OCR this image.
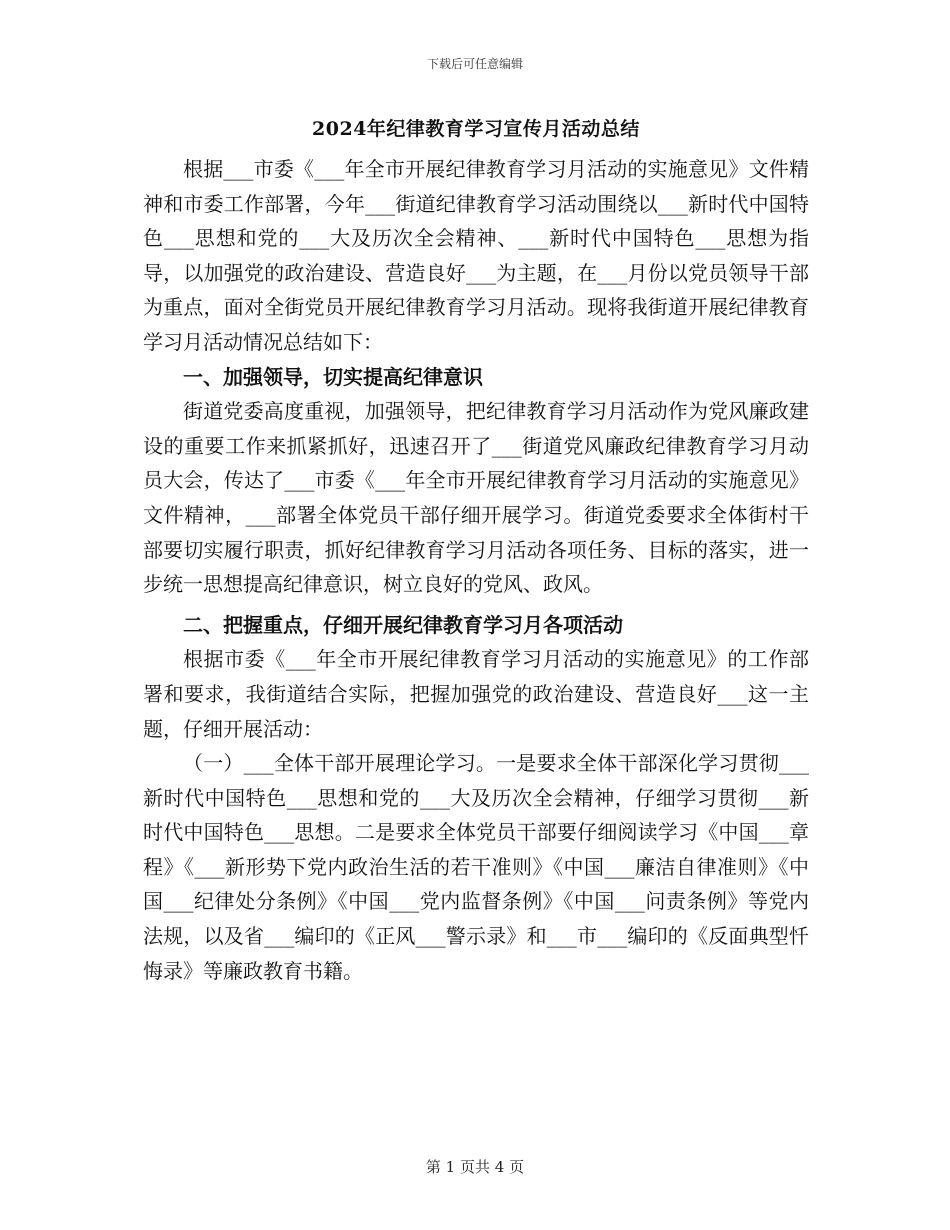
下载后可任意编辑
2024年纪律教育学习宣传月活动总结

根据___市委《___年全市开展纪律教育学习月活动的实施意见》文件精神和市委工作部署，今年___街道纪律教育学习活动围绕以___新时代中国特色___思想和党的___大及历次全会精神、___新时代中国特色___思想为指导，以加强党的政治建设、营造良好___为主题，在___月份以党员领导干部为重点，面对全街党员开展纪律教育学习月活动。现将我街道开展纪律教育学习月活动情况总结如下：

一、加强领导，切实提高纪律意识

街道党委高度重视，加强领导，把纪律教育学习月活动作为党风廉政建设的重要工作来抓紧抓好，迅速召开了___街道党风廉政纪律教育学习月动员大会，传达了___市委《___年全市开展纪律教育学习月活动的实施意见》文件精神，___部署全体党员干部仔细开展学习。街道党委要求全体街村干部要切实履行职责，抓好纪律教育学习月活动各项任务、目标的落实，进一步统一思想提高纪律意识，树立良好的党风、政风。

二、把握重点，仔细开展纪律教育学习月各项活动

根据市委《___年全市开展纪律教育学习月活动的实施意见》的工作部署和要求，我街道结合实际，把握加强党的政治建设、营造良好___这一主题，仔细开展活动：

（一）___全体干部开展理论学习。一是要求全体干部深化学习贯彻___新时代中国特色___思想和党的___大及历次全会精神，仔细学习贯彻___新时代中国特色___思想。二是要求全体党员干部要仔细阅读学习《中国___章程》《___新形势下党内政治生活的若干准则》《中国___廉洁自律准则》《中国___纪律处分条例》《中国___党内监督条例》《中国___问责条例》等党内法规，以及省___编印的《正风___警示录》和___市___编印的《反面典型忏悔录》等廉政教育书籍。

第 1 页共 4 页
